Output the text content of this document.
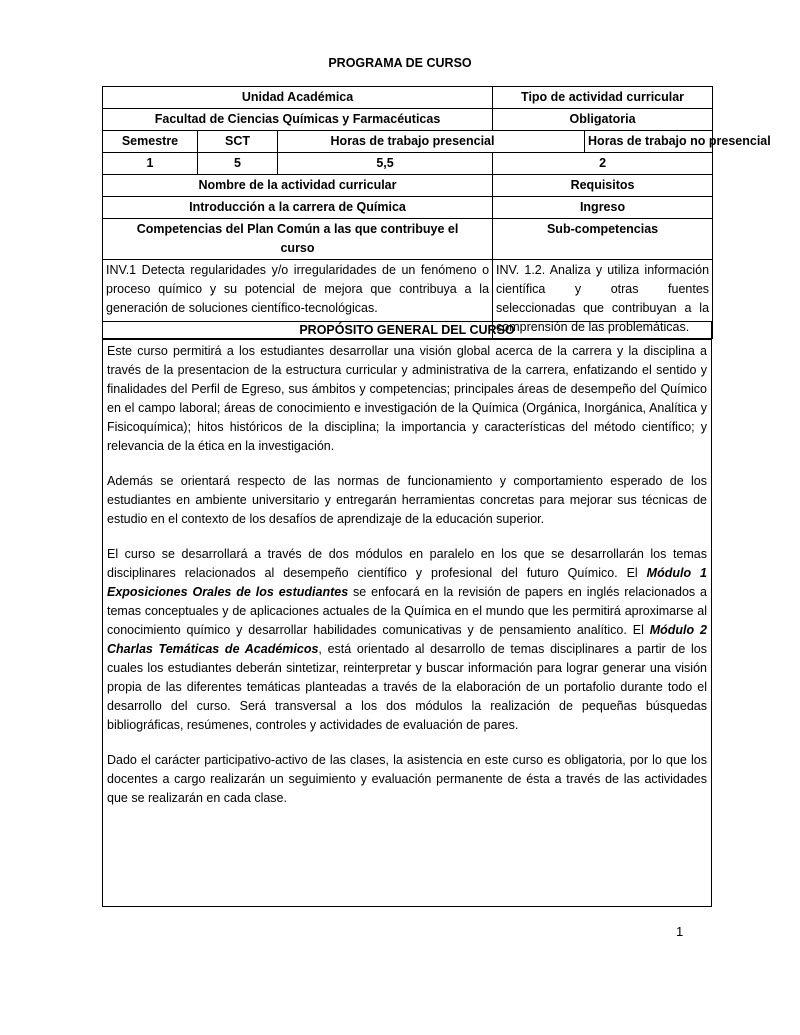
PROGRAMA DE CURSO
Unidad Académica			Tipo de actividad curricular	
Facultad de Ciencias Químicas y Farmacéuticas			Obligatoria	
Semestre	SCT	Horas de trabajo presencial		Horas de trabajo no presencial
1	5	5,5	2	
Nombre de la actividad curricular			Requisitos	
Introducción a la carrera de Química			Ingreso	
Competencias del Plan Común a las que contribuye el curso			Sub-competencias	
INV.1 Detecta regularidades y/o irregularidades de un fenómeno o proceso químico y su potencial de mejora que contribuya a la generación de soluciones científico-tecnológicas.			INV. 1.2. Analiza y utiliza información científica y otras fuentes seleccionadas que contribuyan a la comprensión de las problemáticas.	
PROPÓSITO GENERAL DEL CURSO

Este curso permitirá a los estudiantes desarrollar una visión global acerca de la carrera y la disciplina a través de la presentacion de la estructura curricular y administrativa de la carrera, enfatizando el sentido y finalidades del Perfil de Egreso, sus ámbitos y competencias; principales áreas de desempeño del Químico en el campo laboral; áreas de conocimiento e investigación de la Química (Orgánica, Inorgánica, Analítica y Fisicoquímica); hitos históricos de la disciplina; la importancia y características del método científico; y relevancia de la ética en la investigación.

Además se orientará respecto de las normas de funcionamiento y comportamiento esperado de los estudiantes en ambiente universitario y entregarán herramientas concretas para mejorar sus técnicas de estudio en el contexto de los desafíos de aprendizaje de la educación superior.

El curso se desarrollará a través de dos módulos en paralelo en los que se desarrollarán los temas disciplinares relacionados al desempeño científico y profesional del futuro Químico. El Módulo 1 Exposiciones Orales de los estudiantes se enfocará en la revisión de papers en inglés relacionados a temas conceptuales y de aplicaciones actuales de la Química en el mundo que les permitirá aproximarse al conocimiento químico y desarrollar habilidades comunicativas y de pensamiento analítico. El Módulo 2 Charlas Temáticas de Académicos, está orientado al desarrollo de temas disciplinares a partir de los cuales los estudiantes deberán sintetizar, reinterpretar y buscar información para lograr generar una visión propia de las diferentes temáticas planteadas a través de la elaboración de un portafolio durante todo el desarrollo del curso. Será transversal a los dos módulos la realización de pequeñas búsquedas bibliográficas, resúmenes, controles y actividades de evaluación de pares.

Dado el carácter participativo-activo de las clases, la asistencia en este curso es obligatoria, por lo que los docentes a cargo realizarán un seguimiento y evaluación permanente de ésta a través de las actividades que se realizarán en cada clase.

1
